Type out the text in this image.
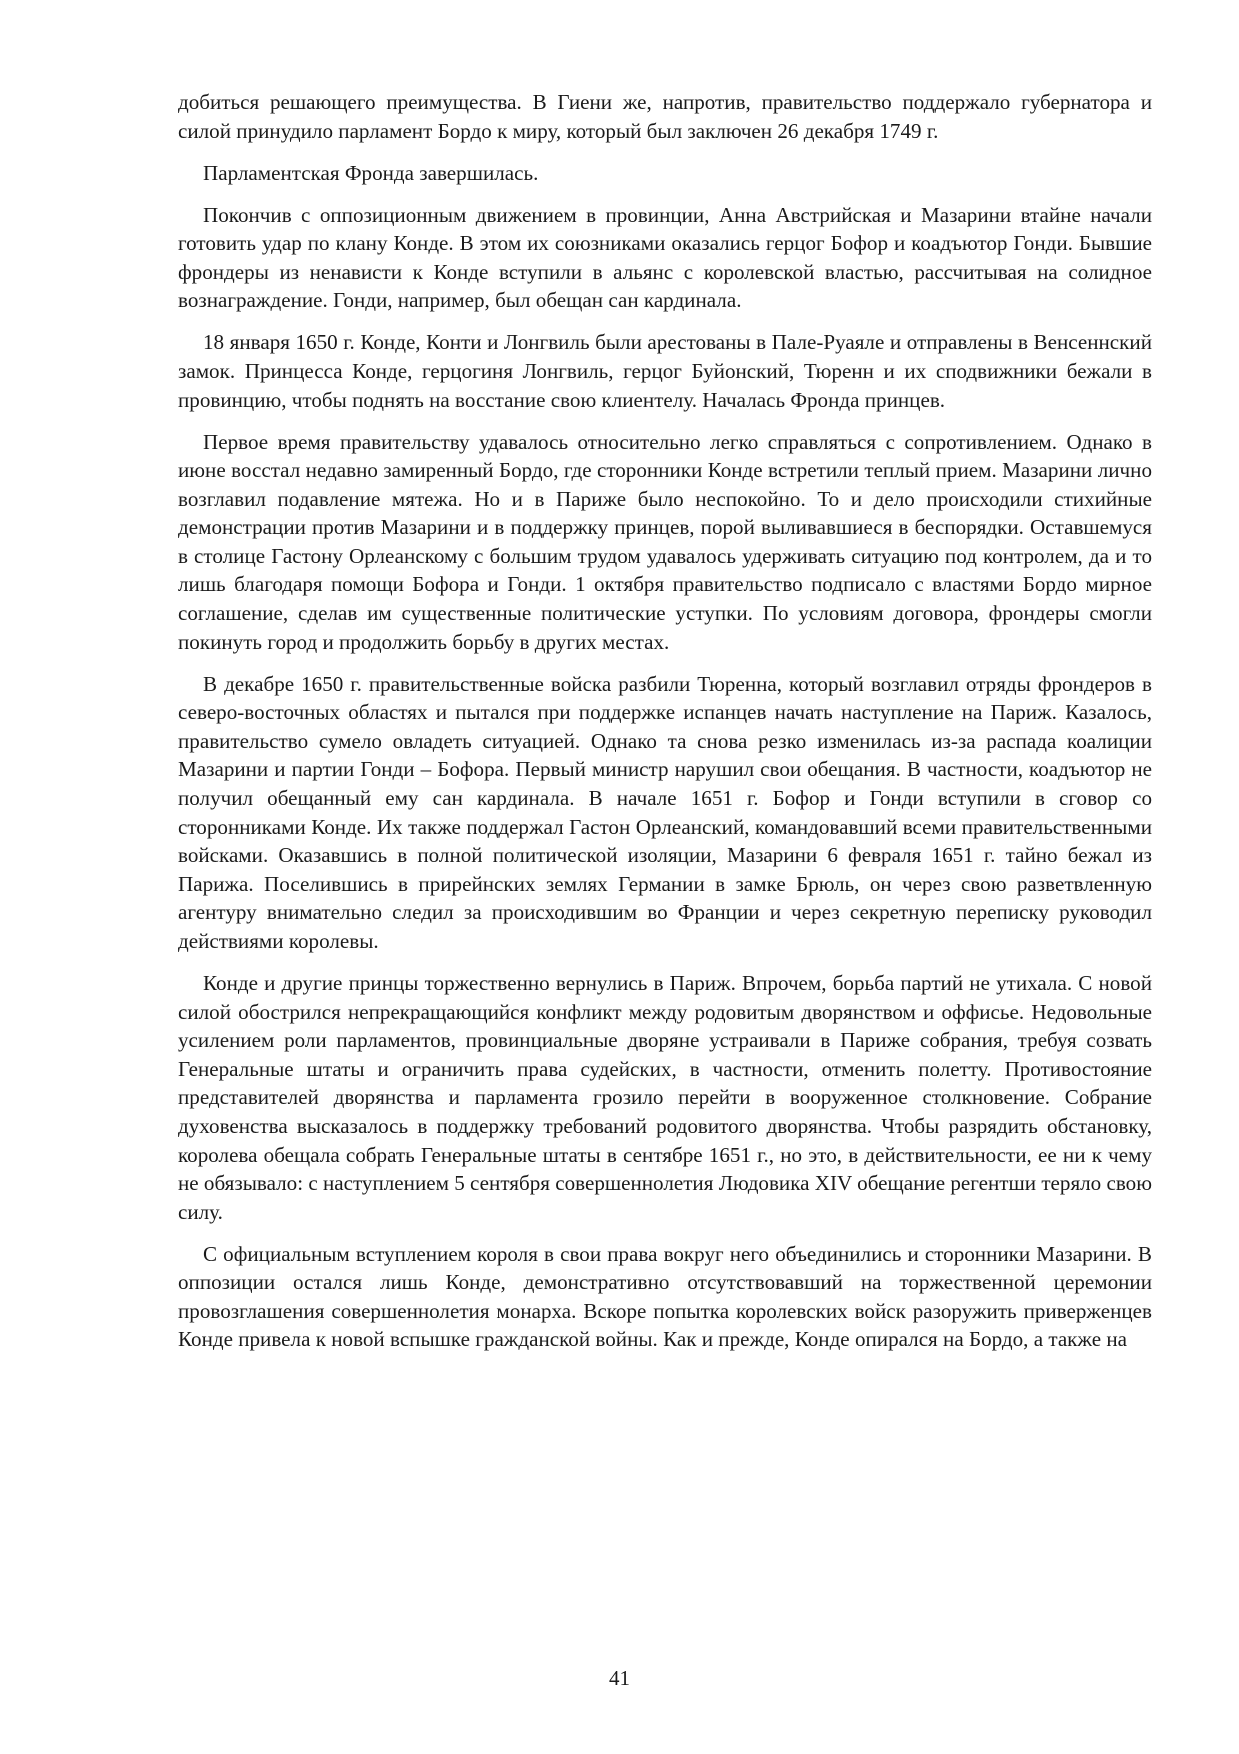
добиться решающего преимущества. В Гиени же, напротив, правительство поддержало губернатора и силой принудило парламент Бордо к миру, который был заключен 26 декабря 1749 г.

Парламентская Фронда завершилась.

Покончив с оппозиционным движением в провинции, Анна Австрийская и Мазарини втайне начали готовить удар по клану Конде. В этом их союзниками оказались герцог Бофор и коадъютор Гонди. Бывшие фрондеры из ненависти к Конде вступили в альянс с королевской властью, рассчитывая на солидное вознаграждение. Гонди, например, был обещан сан кардинала.

18 января 1650 г. Конде, Конти и Лонгвиль были арестованы в Пале-Руаяле и отправлены в Венсеннский замок. Принцесса Конде, герцогиня Лонгвиль, герцог Буйонский, Тюренн и их сподвижники бежали в провинцию, чтобы поднять на восстание свою клиентелу. Началась Фронда принцев.

Первое время правительству удавалось относительно легко справляться с сопротивлением. Однако в июне восстал недавно замиренный Бордо, где сторонники Конде встретили теплый прием. Мазарини лично возглавил подавление мятежа. Но и в Париже было неспокойно. То и дело происходили стихийные демонстрации против Мазарини и в поддержку принцев, порой выливавшиеся в беспорядки. Оставшемуся в столице Гастону Орлеанскому с большим трудом удавалось удерживать ситуацию под контролем, да и то лишь благодаря помощи Бофора и Гонди. 1 октября правительство подписало с властями Бордо мирное соглашение, сделав им существенные политические уступки. По условиям договора, фрондеры смогли покинуть город и продолжить борьбу в других местах.

В декабре 1650 г. правительственные войска разбили Тюренна, который возглавил отряды фрондеров в северо-восточных областях и пытался при поддержке испанцев начать наступление на Париж. Казалось, правительство сумело овладеть ситуацией. Однако та снова резко изменилась из-за распада коалиции Мазарини и партии Гонди – Бофора. Первый министр нарушил свои обещания. В частности, коадъютор не получил обещанный ему сан кардинала. В начале 1651 г. Бофор и Гонди вступили в сговор со сторонниками Конде. Их также поддержал Гастон Орлеанский, командовавший всеми правительственными войсками. Оказавшись в полной политической изоляции, Мазарини 6 февраля 1651 г. тайно бежал из Парижа. Поселившись в прирейнских землях Германии в замке Брюль, он через свою разветвленную агентуру внимательно следил за происходившим во Франции и через секретную переписку руководил действиями королевы.

Конде и другие принцы торжественно вернулись в Париж. Впрочем, борьба партий не утихала. С новой силой обострился непрекращающийся конфликт между родовитым дворянством и оффисье. Недовольные усилением роли парламентов, провинциальные дворяне устраивали в Париже собрания, требуя созвать Генеральные штаты и ограничить права судейских, в частности, отменить полетту. Противостояние представителей дворянства и парламента грозило перейти в вооруженное столкновение. Собрание духовенства высказалось в поддержку требований родовитого дворянства. Чтобы разрядить обстановку, королева обещала собрать Генеральные штаты в сентябре 1651 г., но это, в действительности, ее ни к чему не обязывало: с наступлением 5 сентября совершеннолетия Людовика XIV обещание регентши теряло свою силу.

С официальным вступлением короля в свои права вокруг него объединились и сторонники Мазарини. В оппозиции остался лишь Конде, демонстративно отсутствовавший на торжественной церемонии провозглашения совершеннолетия монарха. Вскоре попытка королевских войск разоружить приверженцев Конде привела к новой вспышке гражданской войны. Как и прежде, Конде опирался на Бордо, а также на

41
